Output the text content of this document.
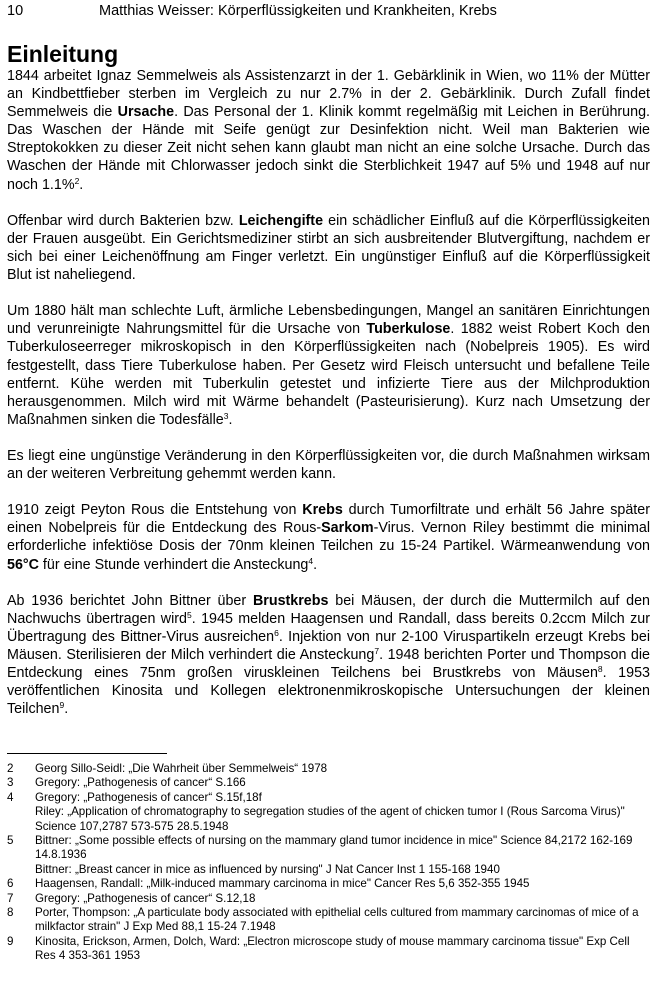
10	Matthias Weisser: Körperflüssigkeiten und Krankheiten, Krebs
Einleitung

1844 arbeitet Ignaz Semmelweis als Assistenzarzt in der 1. Gebärklinik in Wien, wo 11% der Mütter an Kindbettfieber sterben im Vergleich zu nur 2.7% in der 2. Gebärklinik. Durch Zufall findet Semmelweis die Ursache. Das Personal der 1. Klinik kommt regelmäßig mit Leichen in Berührung. Das Waschen der Hände mit Seife genügt zur Desinfektion nicht. Weil man Bakterien wie Streptokokken zu dieser Zeit nicht sehen kann glaubt man nicht an eine solche Ursache. Durch das Waschen der Hände mit Chlorwasser jedoch sinkt die Sterblichkeit 1947 auf 5% und 1948 auf nur noch 1.1%$^2$.

Offenbar wird durch Bakterien bzw. Leichengifte ein schädlicher Einfluß auf die Körperflüssigkeiten der Frauen ausgeübt. Ein Gerichtsmediziner stirbt an sich ausbreitender Blutvergiftung, nachdem er sich bei einer Leichenöffnung am Finger verletzt. Ein ungünstiger Einfluß auf die Körperflüssigkeit Blut ist naheliegend.

Um 1880 hält man schlechte Luft, ärmliche Lebensbedingungen, Mangel an sanitären Einrichtungen und verunreinigte Nahrungsmittel für die Ursache von Tuberkulose. 1882 weist Robert Koch den Tuberkuloseerreger mikroskopisch in den Körperflüssigkeiten nach (Nobelpreis 1905). Es wird festgestellt, dass Tiere Tuberkulose haben. Per Gesetz wird Fleisch untersucht und befallene Teile entfernt. Kühe werden mit Tuberkulin getestet und infizierte Tiere aus der Milchproduktion herausgenommen. Milch wird mit Wärme behandelt (Pasteurisierung). Kurz nach Umsetzung der Maßnahmen sinken die Todesfälle$^3$.

Es liegt eine ungünstige Veränderung in den Körperflüssigkeiten vor, die durch Maßnahmen wirksam an der weiteren Verbreitung gehemmt werden kann.

1910 zeigt Peyton Rous die Entstehung von Krebs durch Tumorfiltrate und erhält 56 Jahre später einen Nobelpreis für die Entdeckung des Rous-Sarkom-Virus. Vernon Riley bestimmt die minimal erforderliche infektiöse Dosis der 70nm kleinen Teilchen zu 15-24 Partikel. Wärmeanwendung von 56°C für eine Stunde verhindert die Ansteckung$^4$.

Ab 1936 berichtet John Bittner über Brustkrebs bei Mäusen, der durch die Muttermilch auf den Nachwuchs übertragen wird$^5$. 1945 melden Haagensen und Randall, dass bereits 0.2ccm Milch zur Übertragung des Bittner-Virus ausreichen$^6$. Injektion von nur 2-100 Viruspartikeln erzeugt Krebs bei Mäusen. Sterilisieren der Milch verhindert die Ansteckung$^7$. 1948 berichten Porter und Thompson die Entdeckung eines 75nm großen viruskleinen Teilchens bei Brustkrebs von Mäusen$^8$. 1953 veröffentlichen Kinosita und Kollegen elektronenmikroskopische Untersuchungen der kleinen Teilchen$^9$.

2	Georg Sillo-Seidl: „Die Wahrheit über Semmelweis“ 1978
3	Gregory: „Pathogenesis of cancer“ S.166
4	Gregory: „Pathogenesis of cancer“ S.15f,18f
Riley: „Application of chromatography to segregation studies of the agent of chicken tumor I (Rous Sarcoma Virus)" Science 107,2787 573-575 28.5.1948
5	Bittner: „Some possible effects of nursing on the mammary gland tumor incidence in mice" Science 84,2172 162-169 14.8.1936
Bittner: „Breast cancer in mice as influenced by nursing" J Nat Cancer Inst 1 155-168 1940
6	Haagensen, Randall: „Milk-induced mammary carcinoma in mice" Cancer Res 5,6 352-355 1945
7	Gregory: „Pathogenesis of cancer“ S.12,18
8	Porter, Thompson: „A particulate body associated with epithelial cells cultured from mammary carcinomas of mice of a milkfactor strain" J Exp Med 88,1 15-24 7.1948
9	Kinosita, Erickson, Armen, Dolch, Ward: „Electron microscope study of mouse mammary carcinoma tissue" Exp Cell Res 4 353-361 1953
